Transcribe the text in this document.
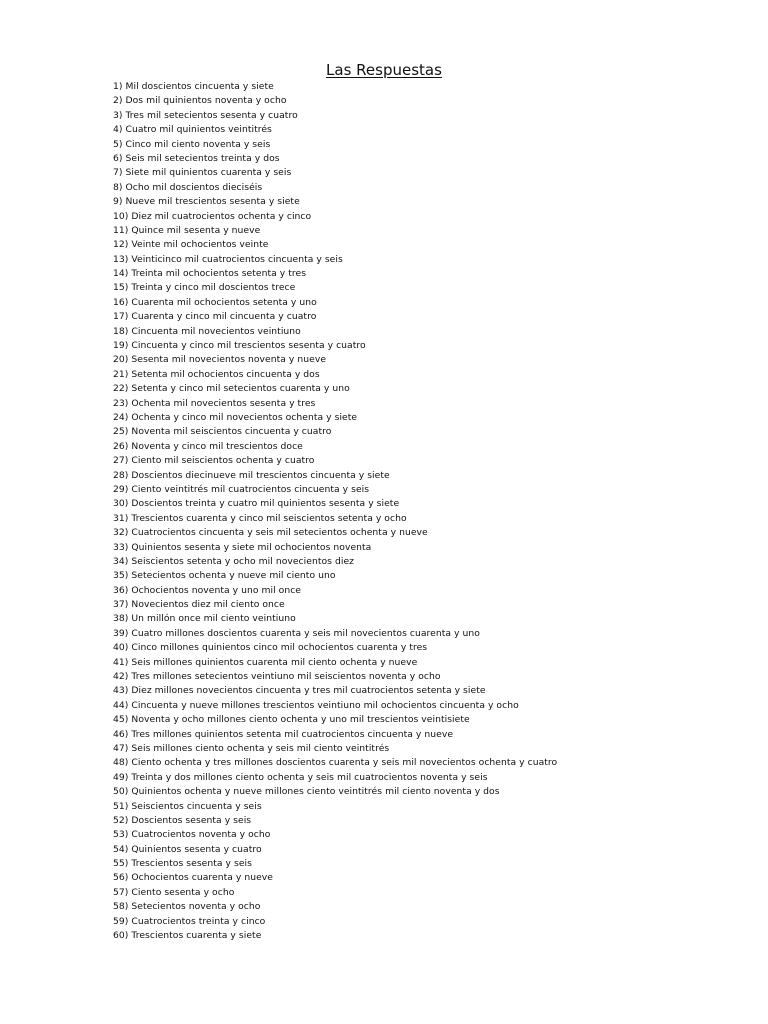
Las Respuestas
1) Mil doscientos cincuenta y siete
2) Dos mil quinientos noventa y ocho
3) Tres mil setecientos sesenta y cuatro
4) Cuatro mil quinientos veintitrés
5) Cinco mil ciento noventa y seis
6) Seis mil setecientos treinta y dos
7) Siete mil quinientos cuarenta y seis
8) Ocho mil doscientos dieciséis
9) Nueve mil trescientos sesenta y siete
10) Diez mil cuatrocientos ochenta y cinco
11) Quince mil sesenta y nueve
12) Veinte mil ochocientos veinte
13) Veinticinco mil cuatrocientos cincuenta y seis
14) Treinta mil ochocientos setenta y tres
15) Treinta y cinco mil doscientos trece
16) Cuarenta mil ochocientos setenta y uno
17) Cuarenta y cinco mil cincuenta y cuatro
18) Cincuenta mil novecientos veintiuno
19) Cincuenta y cinco mil trescientos sesenta y cuatro
20) Sesenta mil novecientos noventa y nueve
21) Setenta mil ochocientos cincuenta y dos
22) Setenta y cinco mil setecientos cuarenta y uno
23) Ochenta mil novecientos sesenta y tres
24) Ochenta y cinco mil novecientos ochenta y siete
25) Noventa mil seiscientos cincuenta y cuatro
26) Noventa y cinco mil trescientos doce
27) Ciento mil seiscientos ochenta y cuatro
28) Doscientos diecinueve mil trescientos cincuenta y siete
29) Ciento veintitrés mil cuatrocientos cincuenta y seis
30) Doscientos treinta y cuatro mil quinientos sesenta y siete
31) Trescientos cuarenta y cinco mil seiscientos setenta y ocho
32) Cuatrocientos cincuenta y seis mil setecientos ochenta y nueve
33) Quinientos sesenta y siete mil ochocientos noventa
34) Seiscientos setenta y ocho mil novecientos diez
35) Setecientos ochenta y nueve mil ciento uno
36) Ochocientos noventa y uno mil once
37) Novecientos diez mil ciento once
38) Un millón once mil ciento veintiuno
39) Cuatro millones doscientos cuarenta y seis mil novecientos cuarenta y uno
40) Cinco millones quinientos cinco mil ochocientos cuarenta y tres
41) Seis millones quinientos cuarenta mil ciento ochenta y nueve
42) Tres millones setecientos veintiuno mil seiscientos noventa y ocho
43) Diez millones novecientos cincuenta y tres mil cuatrocientos setenta y siete
44) Cincuenta y nueve millones trescientos veintiuno mil ochocientos cincuenta y ocho
45) Noventa y ocho millones ciento ochenta y uno mil trescientos veintisiete
46) Tres millones quinientos setenta mil cuatrocientos cincuenta y nueve
47) Seis millones ciento ochenta y seis mil ciento veintitrés
48) Ciento ochenta y tres millones doscientos cuarenta y seis mil novecientos ochenta y cuatro
49) Treinta y dos millones ciento ochenta y seis mil cuatrocientos noventa y seis
50) Quinientos ochenta y nueve millones ciento veintitrés mil ciento noventa y dos
51) Seiscientos cincuenta y seis
52) Doscientos sesenta y seis
53) Cuatrocientos noventa y ocho
54) Quinientos sesenta y cuatro
55) Trescientos sesenta y seis
56) Ochocientos cuarenta y nueve
57) Ciento sesenta y ocho
58) Setecientos noventa y ocho
59) Cuatrocientos treinta y cinco
60) Trescientos cuarenta y siete
